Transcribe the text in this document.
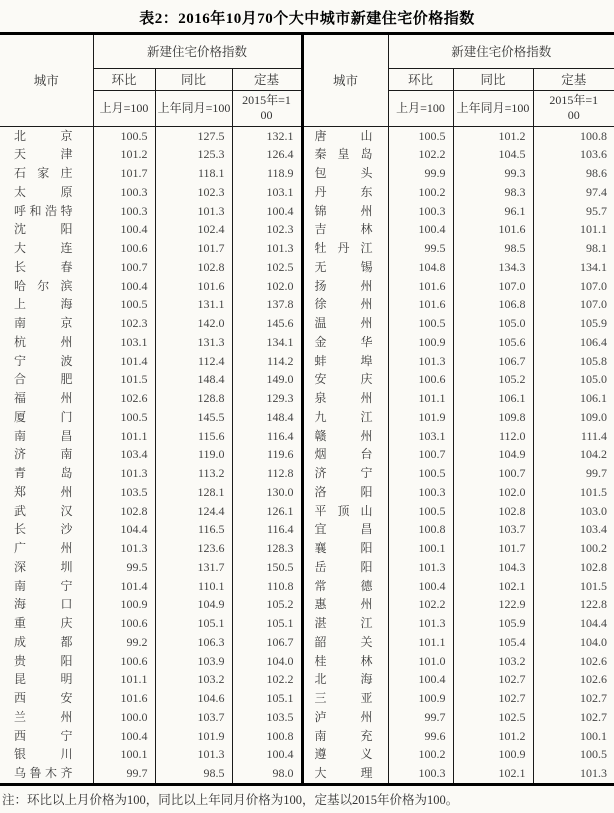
表2：2016年10月70个大中城市新建住宅价格指数
城市	新建住宅价格指数			城市	新建住宅价格指数		
	环比	同比	定基		环比	同比	定基
	上月=100	上年同月=100	2015年=100		上月=100	上年同月=100	2015年=100
北京	100.5	127.5	132.1	唐山	100.5	101.2	100.8
天津	101.2	125.3	126.4	秦皇岛	102.2	104.5	103.6
石家庄	101.7	118.1	118.9	包头	99.9	99.3	98.6
太原	100.3	102.3	103.1	丹东	100.2	98.3	97.4
呼和浩特	100.3	101.3	100.4	锦州	100.3	96.1	95.7
沈阳	100.4	102.4	102.3	吉林	100.4	101.6	101.1
大连	100.6	101.7	101.3	牡丹江	99.5	98.5	98.1
长春	100.7	102.8	102.5	无锡	104.8	134.3	134.1
哈尔滨	100.4	101.6	102.0	扬州	101.6	107.0	107.0
上海	100.5	131.1	137.8	徐州	101.6	106.8	107.0
南京	102.3	142.0	145.6	温州	100.5	105.0	105.9
杭州	103.1	131.3	134.1	金华	100.9	105.6	106.4
宁波	101.4	112.4	114.2	蚌埠	101.3	106.7	105.8
合肥	101.5	148.4	149.0	安庆	100.6	105.2	105.0
福州	102.6	128.8	129.3	泉州	101.1	106.1	106.1
厦门	100.5	145.5	148.4	九江	101.9	109.8	109.0
南昌	101.1	115.6	116.4	赣州	103.1	112.0	111.4
济南	103.4	119.0	119.6	烟台	100.7	104.9	104.2
青岛	101.3	113.2	112.8	济宁	100.5	100.7	99.7
郑州	103.5	128.1	130.0	洛阳	100.3	102.0	101.5
武汉	102.8	124.4	126.1	平顶山	100.5	102.8	103.0
长沙	104.4	116.5	116.4	宜昌	100.8	103.7	103.4
广州	101.3	123.6	128.3	襄阳	100.1	101.7	100.2
深圳	99.5	131.7	150.5	岳阳	101.3	104.3	102.8
南宁	101.4	110.1	110.8	常德	100.4	102.1	101.5
海口	100.9	104.9	105.2	惠州	102.2	122.9	122.8
重庆	100.6	105.1	105.1	湛江	101.3	105.9	104.4
成都	99.2	106.3	106.7	韶关	101.1	105.4	104.0
贵阳	100.6	103.9	104.0	桂林	101.0	103.2	102.6
昆明	101.1	103.2	102.2	北海	100.4	102.7	102.6
西安	101.6	104.6	105.1	三亚	100.9	102.7	102.7
兰州	100.0	103.7	103.5	泸州	99.7	102.5	102.7
西宁	100.4	101.9	100.8	南充	99.6	101.2	100.1
银川	100.1	101.3	100.4	遵义	100.2	100.9	100.5
乌鲁木齐	99.7	98.5	98.0	大理	100.3	102.1	101.3
注：环比以上月价格为100，同比以上年同月价格为100，定基以2015年价格为100。
